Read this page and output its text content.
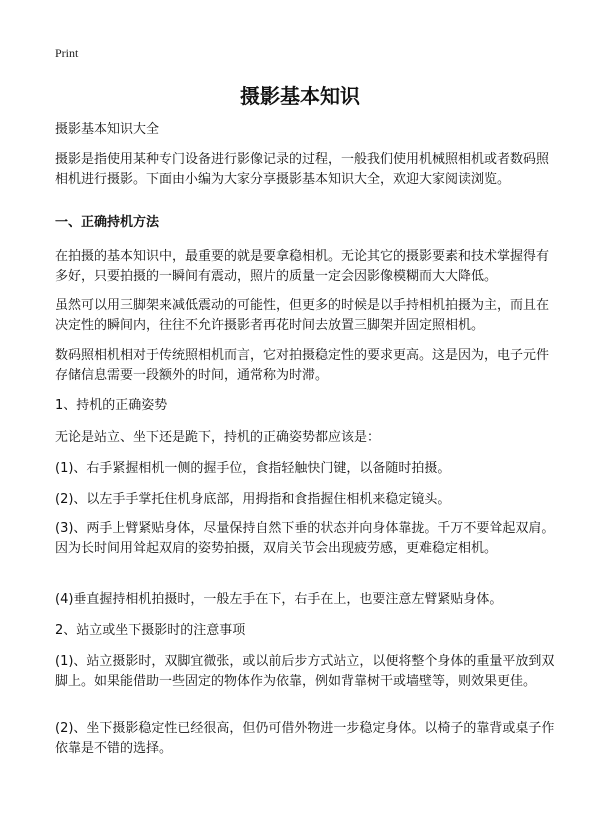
Print
摄影基本知识

摄影基本知识大全

摄影是指使用某种专门设备进行影像记录的过程，一般我们使用机械照相机或者数码照相机进行摄影。下面由小编为大家分享摄影基本知识大全，欢迎大家阅读浏览。

一、正确持机方法

在拍摄的基本知识中，最重要的就是要拿稳相机。无论其它的摄影要素和技术掌握得有多好，只要拍摄的一瞬间有震动，照片的质量一定会因影像模糊而大大降低。

虽然可以用三脚架来减低震动的可能性，但更多的时候是以手持相机拍摄为主，而且在决定性的瞬间内，往往不允许摄影者再花时间去放置三脚架并固定照相机。

数码照相机相对于传统照相机而言，它对拍摄稳定性的要求更高。这是因为，电子元件存储信息需要一段额外的时间，通常称为时滞。

1、持机的正确姿势

无论是站立、坐下还是跪下，持机的正确姿势都应该是：

(1)、右手紧握相机一侧的握手位，食指轻触快门键，以备随时拍摄。

(2)、以左手手掌托住机身底部，用拇指和食指握住相机来稳定镜头。

(3)、两手上臂紧贴身体，尽量保持自然下垂的状态并向身体靠拢。千万不要耸起双肩。因为长时间用耸起双肩的姿势拍摄，双肩关节会出现疲劳感，更难稳定相机。

(4)垂直握持相机拍摄时，一般左手在下，右手在上，也要注意左臂紧贴身体。

2、站立或坐下摄影时的注意事项

(1)、站立摄影时，双脚宜微张，或以前后步方式站立，以便将整个身体的重量平放到双脚上。如果能借助一些固定的物体作为依靠，例如背靠树干或墙壁等，则效果更佳。

(2)、坐下摄影稳定性已经很高，但仍可借外物进一步稳定身体。以椅子的靠背或桌子作依靠是不错的选择。
